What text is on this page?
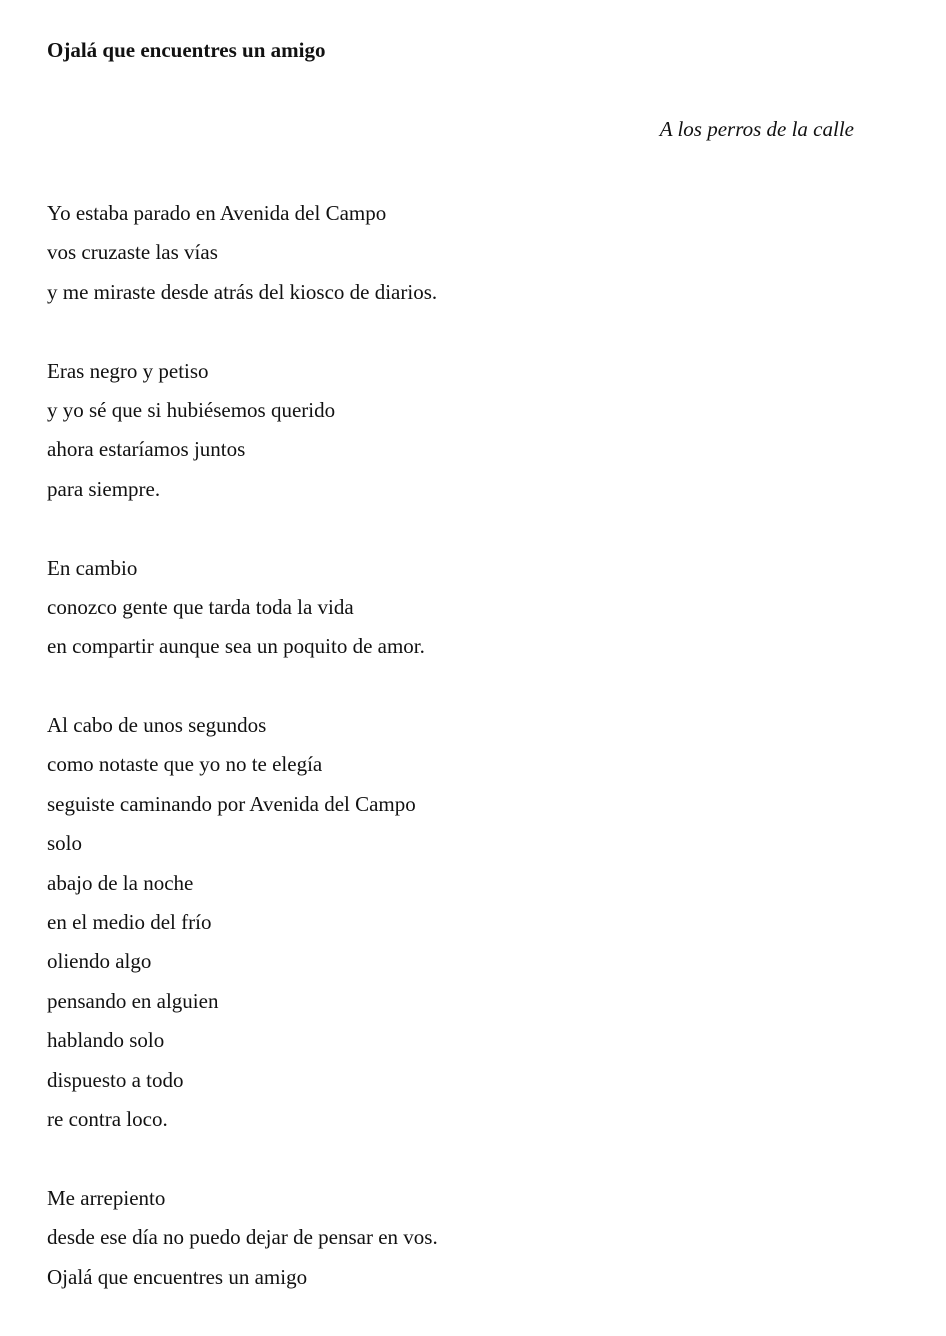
Ojalá que encuentres un amigo
A los perros de la calle
Yo estaba parado en Avenida del Campo
vos cruzaste las vías
y me miraste desde atrás del kiosco de diarios.
Eras negro y petiso
y yo sé que si hubiésemos querido
ahora estaríamos juntos
para siempre.
En cambio
conozco gente que tarda toda la vida
en compartir aunque sea un poquito de amor.
Al cabo de unos segundos
como notaste que yo no te elegía
seguiste caminando por Avenida del Campo
solo
abajo de la noche
en el medio del frío
oliendo algo
pensando en alguien
hablando solo
dispuesto a todo
re contra loco.
Me arrepiento
desde ese día no puedo dejar de pensar en vos.
Ojalá que encuentres un amigo
